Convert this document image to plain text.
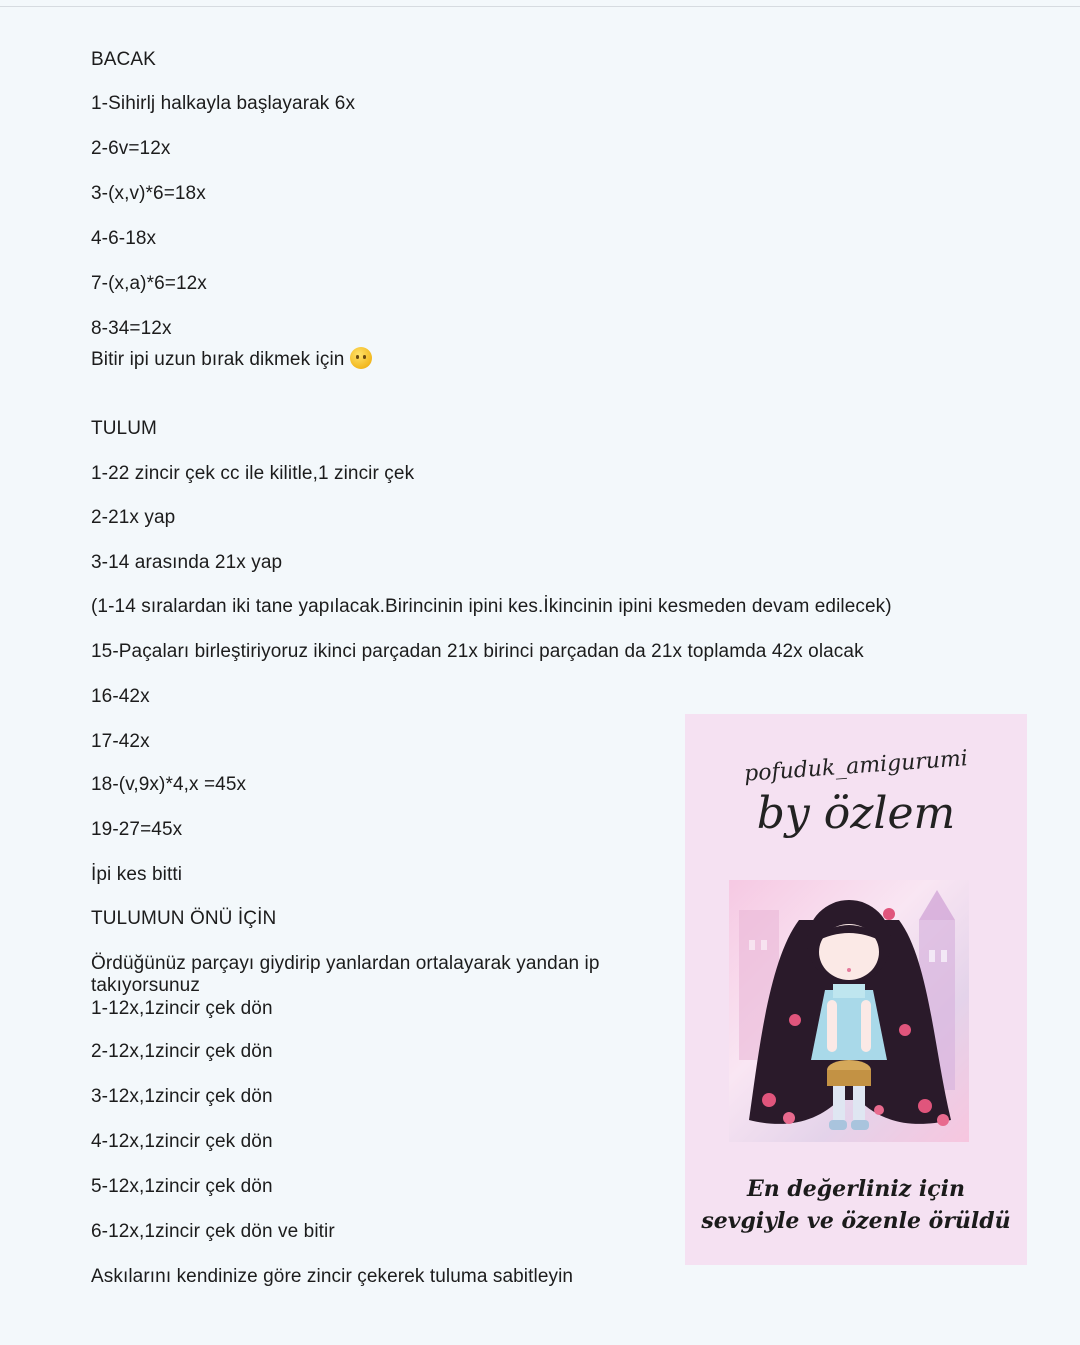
BACAK
1-Sihirlj halkayla başlayarak 6x
2-6v=12x
3-(x,v)*6=18x
4-6-18x
7-(x,a)*6=12x
8-34=12x
Bitir ipi uzun bırak dikmek için
TULUM
1-22 zincir çek cc ile kilitle,1 zincir çek
2-21x yap
3-14 arasında 21x yap
(1-14 sıralardan iki tane yapılacak.Birincinin ipini kes.İkincinin ipini kesmeden devam edilecek)
15-Paçaları birleştiriyoruz ikinci parçadan 21x birinci parçadan da 21x toplamda 42x olacak
16-42x
17-42x
18-(v,9x)*4,x =45x
19-27=45x
İpi kes bitti
TULUMUN ÖNÜ İÇİN
Ördüğünüz parçayı giydirip yanlardan ortalayarak yandan ip takıyorsunuz
1-12x,1zincir çek dön
2-12x,1zincir çek dön
3-12x,1zincir çek dön
4-12x,1zincir çek dön
5-12x,1zincir çek dön
6-12x,1zincir çek dön ve bitir
Askılarını kendinize göre zincir çekerek tuluma sabitleyin
pofuduk_amigurumi
by özlem
En değerliniz için
sevgiyle ve özenle örüldü
